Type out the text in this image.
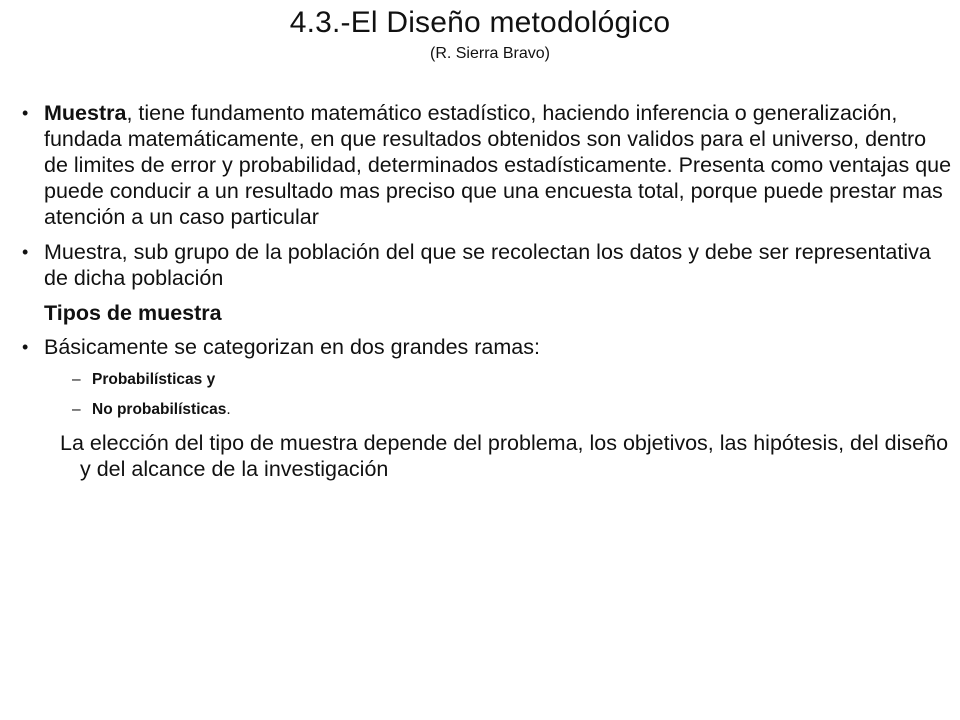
4.3.-El Diseño metodológico
(R. Sierra Bravo)
• Muestra, tiene fundamento matemático estadístico, haciendo inferencia o generalización, fundada matemáticamente, en que resultados obtenidos son validos para el universo, dentro de limites de error y probabilidad, determinados estadísticamente. Presenta como ventajas que puede conducir a un resultado mas preciso que una encuesta total, porque puede prestar mas atención a un caso particular
• Muestra, sub grupo de la población del que se recolectan los datos y debe ser representativa de dicha población
Tipos de muestra
• Básicamente se categorizan en dos grandes ramas:
– Probabilísticas y
– No probabilísticas.
La elección del tipo de muestra depende del problema, los objetivos, las hipótesis, del diseño y del alcance de la investigación
